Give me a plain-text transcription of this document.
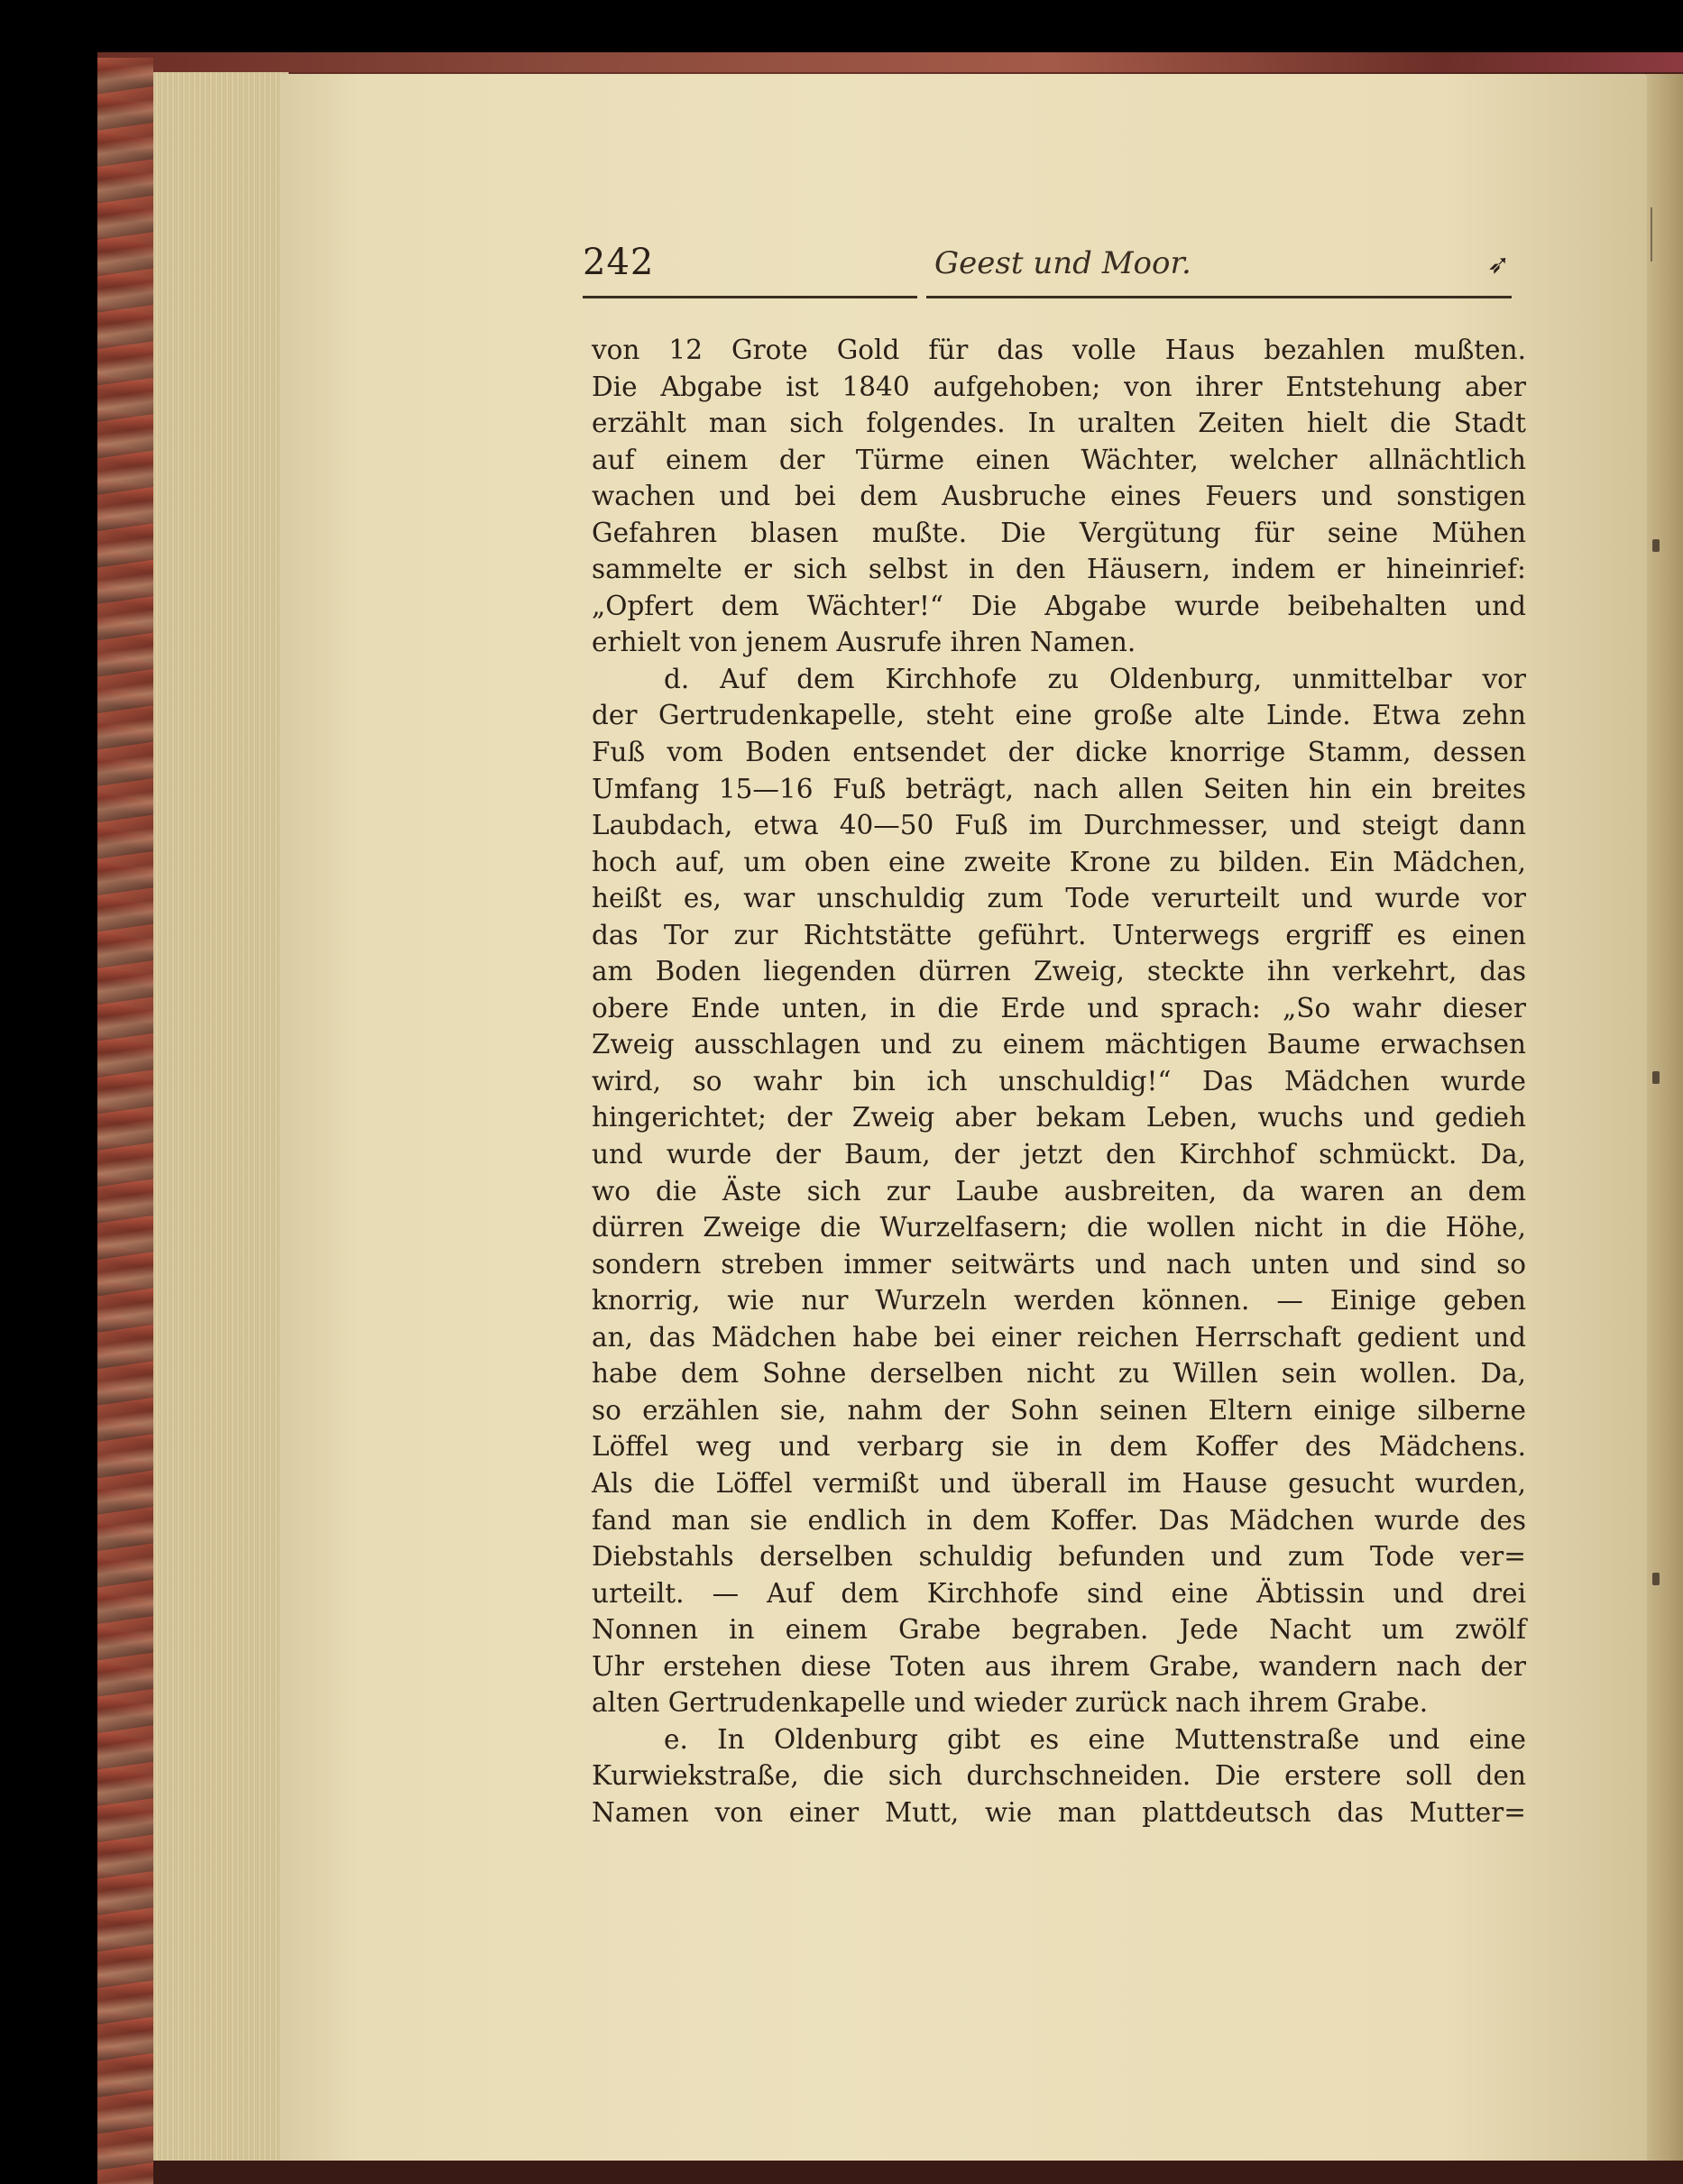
242	Geest und Moor.	➶
von 12 Grote Gold für das volle Haus bezahlen mußten.
Die Abgabe ist 1840 aufgehoben; von ihrer Entstehung aber
erzählt man sich folgendes. In uralten Zeiten hielt die Stadt
auf einem der Türme einen Wächter, welcher allnächtlich
wachen und bei dem Ausbruche eines Feuers und sonstigen
Gefahren blasen mußte. Die Vergütung für seine Mühen
sammelte er sich selbst in den Häusern, indem er hineinrief:
„Opfert dem Wächter!“ Die Abgabe wurde beibehalten und
erhielt von jenem Ausrufe ihren Namen.
d. Auf dem Kirchhofe zu Oldenburg, unmittelbar vor
der Gertrudenkapelle, steht eine große alte Linde. Etwa zehn
Fuß vom Boden entsendet der dicke knorrige Stamm, dessen
Umfang 15—16 Fuß beträgt, nach allen Seiten hin ein breites
Laubdach, etwa 40—50 Fuß im Durchmesser, und steigt dann
hoch auf, um oben eine zweite Krone zu bilden. Ein Mädchen,
heißt es, war unschuldig zum Tode verurteilt und wurde vor
das Tor zur Richtstätte geführt. Unterwegs ergriff es einen
am Boden liegenden dürren Zweig, steckte ihn verkehrt, das
obere Ende unten, in die Erde und sprach: „So wahr dieser
Zweig ausschlagen und zu einem mächtigen Baume erwachsen
wird, so wahr bin ich unschuldig!“ Das Mädchen wurde
hingerichtet; der Zweig aber bekam Leben, wuchs und gedieh
und wurde der Baum, der jetzt den Kirchhof schmückt. Da,
wo die Äste sich zur Laube ausbreiten, da waren an dem
dürren Zweige die Wurzelfasern; die wollen nicht in die Höhe,
sondern streben immer seitwärts und nach unten und sind so
knorrig, wie nur Wurzeln werden können. — Einige geben
an, das Mädchen habe bei einer reichen Herrschaft gedient und
habe dem Sohne derselben nicht zu Willen sein wollen. Da,
so erzählen sie, nahm der Sohn seinen Eltern einige silberne
Löffel weg und verbarg sie in dem Koffer des Mädchens.
Als die Löffel vermißt und überall im Hause gesucht wurden,
fand man sie endlich in dem Koffer. Das Mädchen wurde des
Diebstahls derselben schuldig befunden und zum Tode ver=
urteilt. — Auf dem Kirchhofe sind eine Äbtissin und drei
Nonnen in einem Grabe begraben. Jede Nacht um zwölf
Uhr erstehen diese Toten aus ihrem Grabe, wandern nach der
alten Gertrudenkapelle und wieder zurück nach ihrem Grabe.
e. In Oldenburg gibt es eine Muttenstraße und eine
Kurwiekstraße, die sich durchschneiden. Die erstere soll den
Namen von einer Mutt, wie man plattdeutsch das Mutter=
